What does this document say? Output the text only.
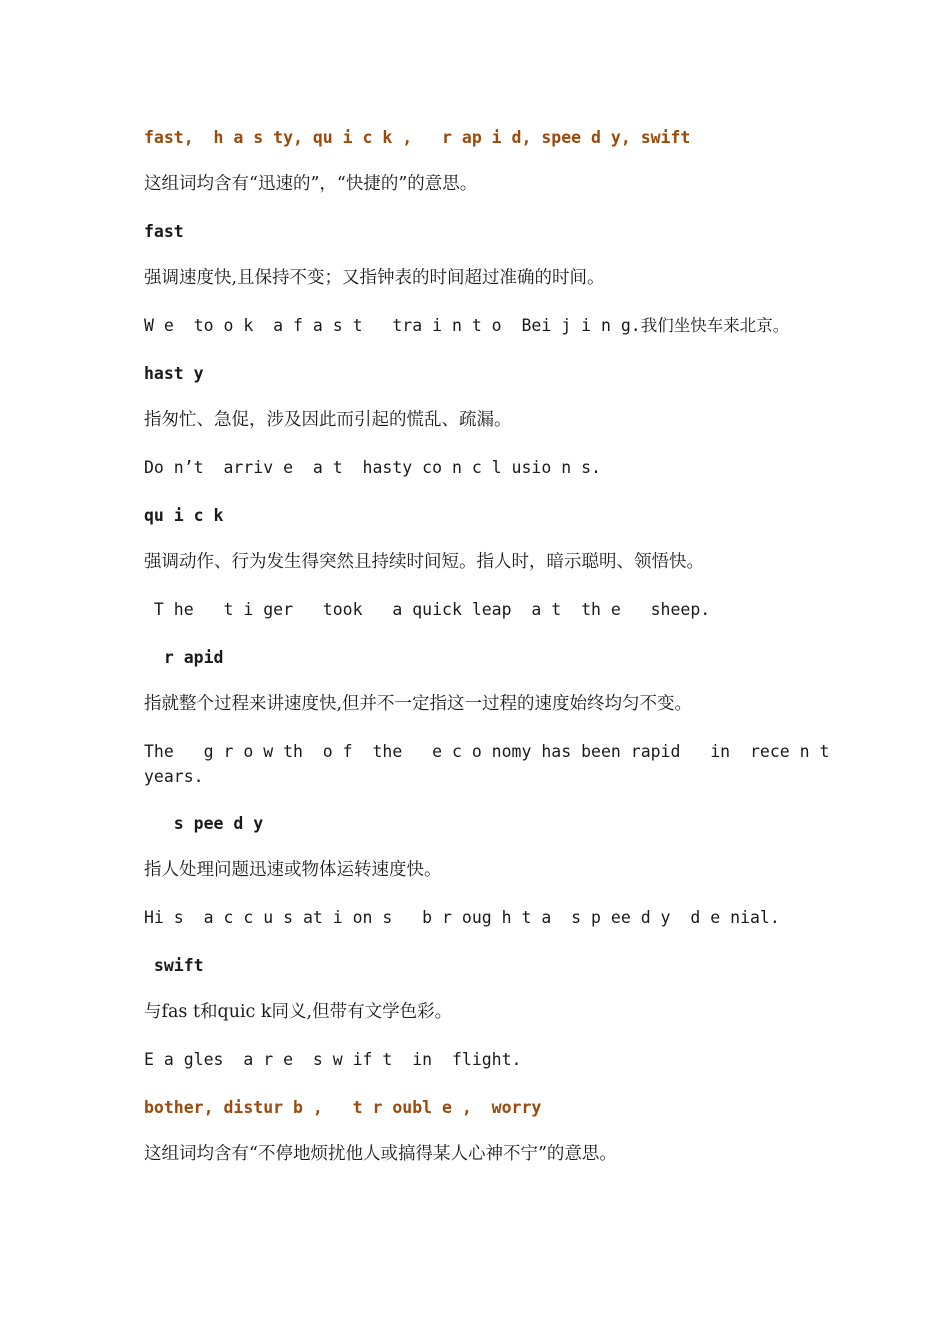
fast,  h a s ty, qu i c k ,   r ap i d, spee d y, swift
这组词均含有“迅速的”，“快捷的”的意思。
fast
强调速度快,且保持不变；又指钟表的时间超过准确的时间。
W e  to o k  a f a s t   tra i n t o  Bei j i n g.我们坐快车来北京。
hast y
指匆忙、急促，涉及因此而引起的慌乱、疏漏。
Do n’t  arriv e  a t  hasty co n c l usio n s.
qu i c k
强调动作、行为发生得突然且持续时间短。指人时，暗示聪明、领悟快。
T he   t i ger   took   a quick leap  a t  th e   sheep.
r apid
指就整个过程来讲速度快,但并不一定指这一过程的速度始终均匀不变。
The   g r o w th  o f  the   e c o nomy has been rapid   in  rece n t
years.
s pee d y
指人处理问题迅速或物体运转速度快。
Hi s  a c c u s at i on s   b r oug h t a  s p ee d y  d e nial.
swift
与fas t和quic k同义,但带有文学色彩。
E a gles  a r e  s w if t  in  flight.
bother, distur b ,   t r oubl e ,  worry
这组词均含有“不停地烦扰他人或搞得某人心神不宁”的意思。
